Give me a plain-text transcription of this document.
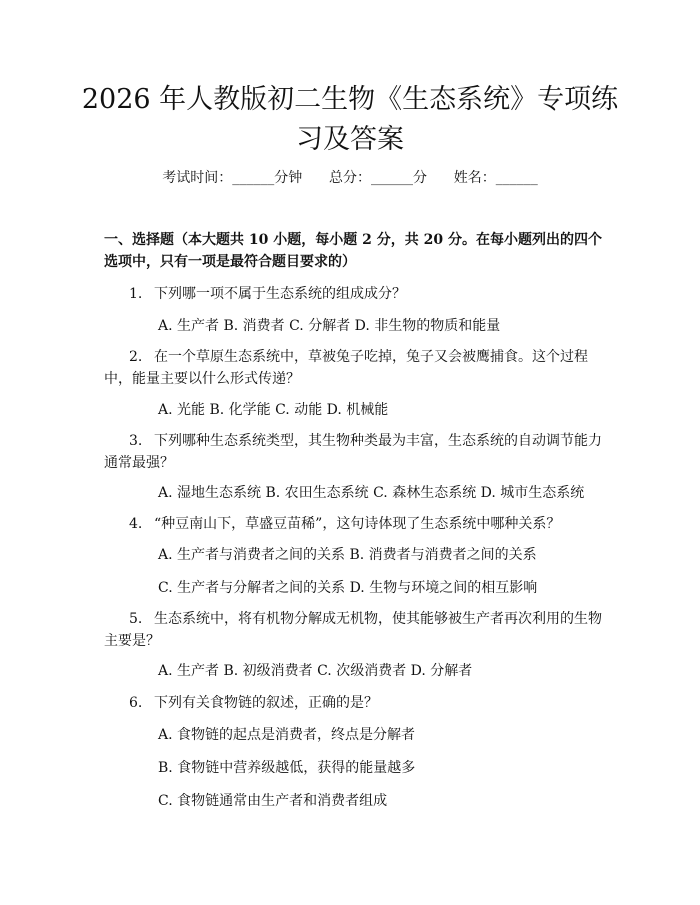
2026 年人教版初二生物《生态系统》专项练
习及答案
考试时间：______分钟 总分：______分 姓名：______
一、选择题（本大题共 10 小题，每小题 2 分，共 20 分。在每小题列出的四个选项中，只有一项是最符合题目要求的）
1. 下列哪一项不属于生态系统的组成成分？
A. 生产者 B. 消费者 C. 分解者 D. 非生物的物质和能量
2. 在一个草原生态系统中，草被兔子吃掉，兔子又会被鹰捕食。这个过程中，能量主要以什么形式传递？
A. 光能 B. 化学能 C. 动能 D. 机械能
3. 下列哪种生态系统类型，其生物种类最为丰富，生态系统的自动调节能力通常最强？
A. 湿地生态系统 B. 农田生态系统 C. 森林生态系统 D. 城市生态系统
4. “种豆南山下，草盛豆苗稀”，这句诗体现了生态系统中哪种关系？
A. 生产者与消费者之间的关系 B. 消费者与消费者之间的关系
C. 生产者与分解者之间的关系 D. 生物与环境之间的相互影响
5. 生态系统中，将有机物分解成无机物，使其能够被生产者再次利用的生物主要是？
A. 生产者 B. 初级消费者 C. 次级消费者 D. 分解者
6. 下列有关食物链的叙述，正确的是？
A. 食物链的起点是消费者，终点是分解者
B. 食物链中营养级越低，获得的能量越多
C. 食物链通常由生产者和消费者组成
